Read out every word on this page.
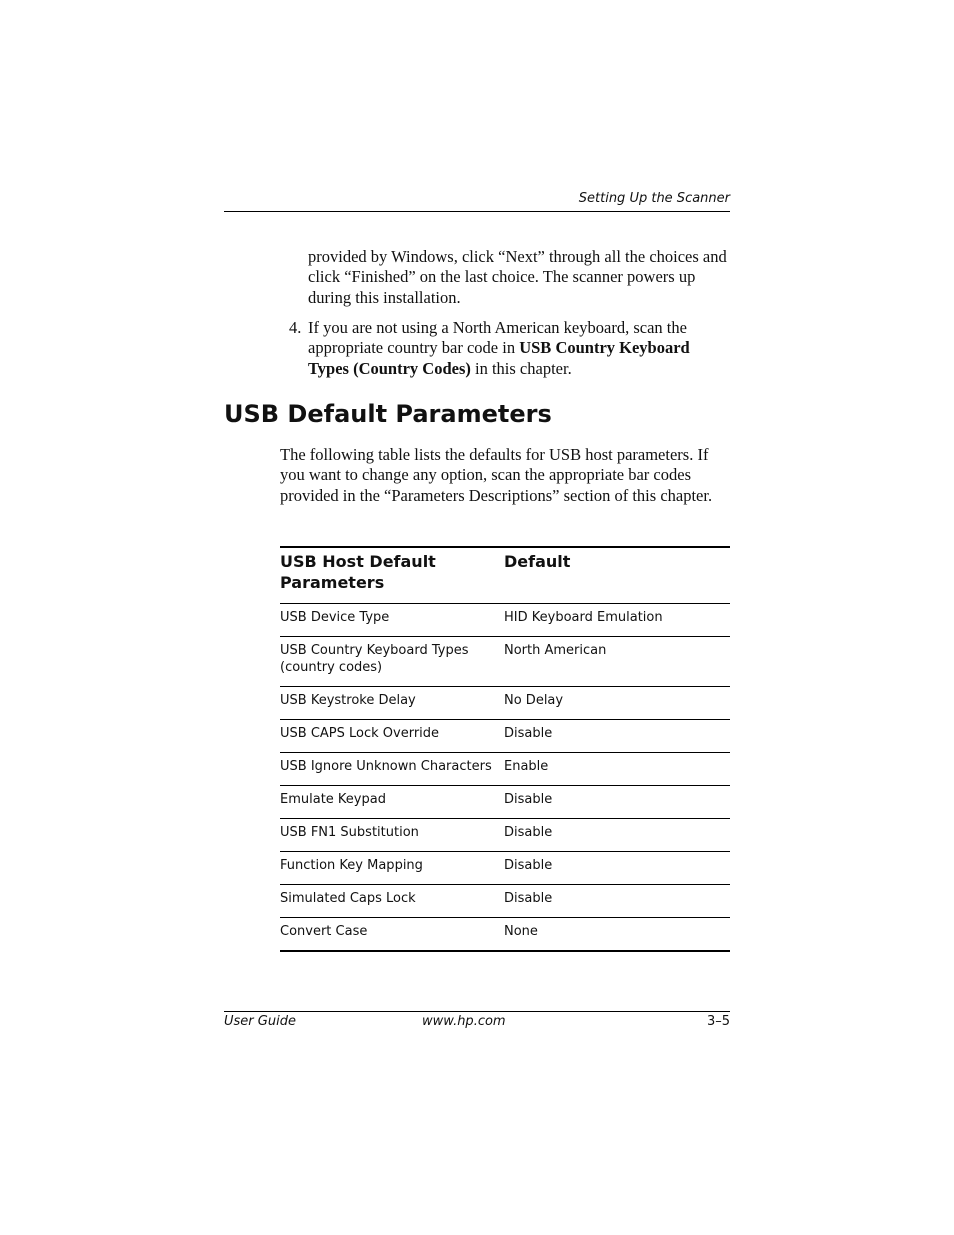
Setting Up the Scanner

provided by Windows, click “Next” through all the choices and click “Finished” on the last choice. The scanner powers up during this installation.

4. If you are not using a North American keyboard, scan the appropriate country bar code in USB Country Keyboard Types (Country Codes) in this chapter.
USB Default Parameters

The following table lists the defaults for USB host parameters. If you want to change any option, scan the appropriate bar codes provided in the “Parameters Descriptions” section of this chapter.

USB Host Default Parameters	Default
USB Device Type	HID Keyboard Emulation
USB Country Keyboard Types (country codes)	North American
USB Keystroke Delay	No Delay
USB CAPS Lock Override	Disable
USB Ignore Unknown Characters	Enable
Emulate Keypad	Disable
USB FN1 Substitution	Disable
Function Key Mapping	Disable
Simulated Caps Lock	Disable
Convert Case	None
User Guide	www.hp.com	3–5
